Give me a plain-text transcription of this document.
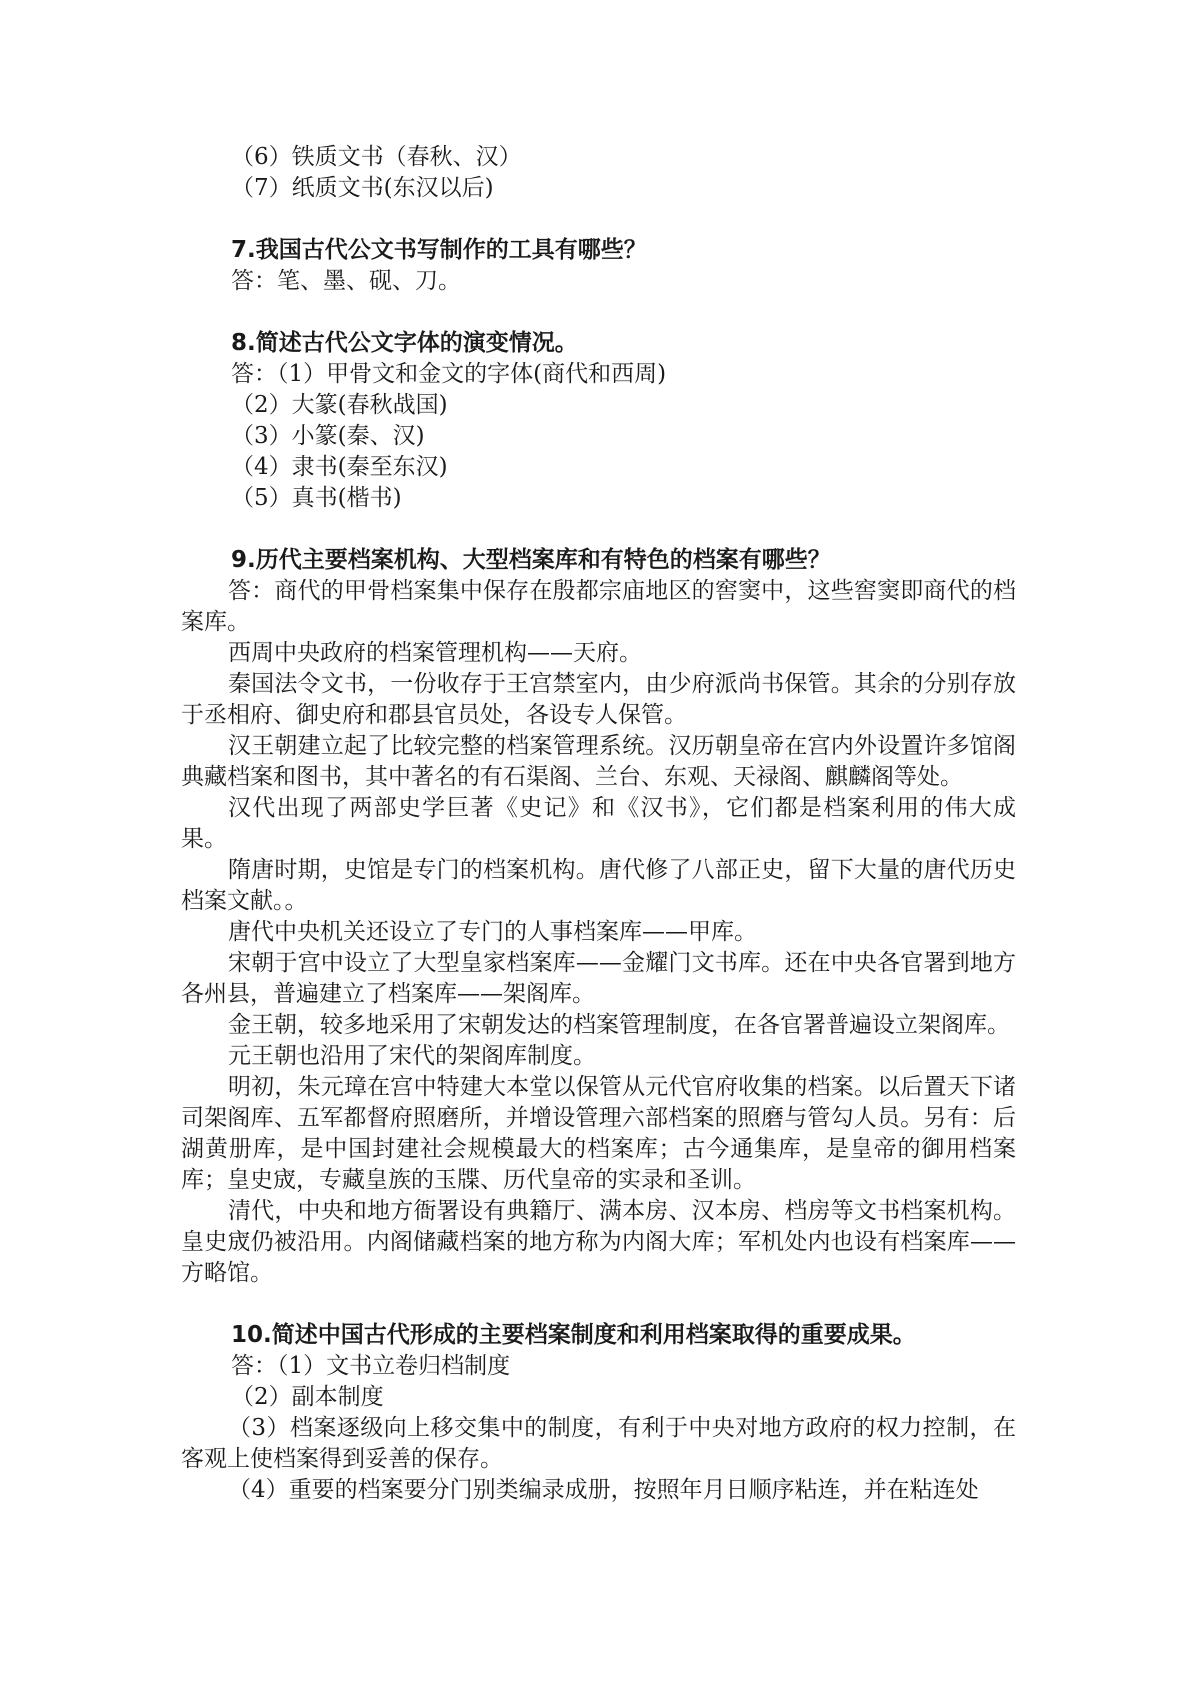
（6）铁质文书（春秋、汉）
（7）纸质文书(东汉以后)
7.我国古代公文书写制作的工具有哪些？
答：笔、墨、砚、刀。
8.简述古代公文字体的演变情况。
答：（1）甲骨文和金文的字体(商代和西周)
（2）大篆(春秋战国)
（3）小篆(秦、汉)
（4）隶书(秦至东汉)
（5）真书(楷书)
9.历代主要档案机构、大型档案库和有特色的档案有哪些？
答：商代的甲骨档案集中保存在殷都宗庙地区的窖窦中，这些窖窦即商代的档案库。
西周中央政府的档案管理机构——天府。
秦国法令文书，一份收存于王宫禁室内，由少府派尚书保管。其余的分别存放于丞相府、御史府和郡县官员处，各设专人保管。
汉王朝建立起了比较完整的档案管理系统。汉历朝皇帝在宫内外设置许多馆阁典藏档案和图书，其中著名的有石渠阁、兰台、东观、天禄阁、麒麟阁等处。
汉代出现了两部史学巨著《史记》和《汉书》，它们都是档案利用的伟大成果。
隋唐时期，史馆是专门的档案机构。唐代修了八部正史，留下大量的唐代历史档案文献。。
唐代中央机关还设立了专门的人事档案库——甲库。
宋朝于宫中设立了大型皇家档案库——金耀门文书库。还在中央各官署到地方各州县，普遍建立了档案库——架阁库。
金王朝，较多地采用了宋朝发达的档案管理制度，在各官署普遍设立架阁库。
元王朝也沿用了宋代的架阁库制度。
明初，朱元璋在宫中特建大本堂以保管从元代官府收集的档案。以后置天下诸司架阁库、五军都督府照磨所，并增设管理六部档案的照磨与管勾人员。另有：后湖黄册库，是中国封建社会规模最大的档案库；古今通集库，是皇帝的御用档案库；皇史宬，专藏皇族的玉牒、历代皇帝的实录和圣训。
清代，中央和地方衙署设有典籍厅、满本房、汉本房、档房等文书档案机构。皇史宬仍被沿用。内阁储藏档案的地方称为内阁大库；军机处内也设有档案库——方略馆。
10.简述中国古代形成的主要档案制度和利用档案取得的重要成果。
答：（1）文书立卷归档制度
（2）副本制度
（3）档案逐级向上移交集中的制度，有利于中央对地方政府的权力控制，在客观上使档案得到妥善的保存。
（4）重要的档案要分门别类编录成册，按照年月日顺序粘连，并在粘连处
